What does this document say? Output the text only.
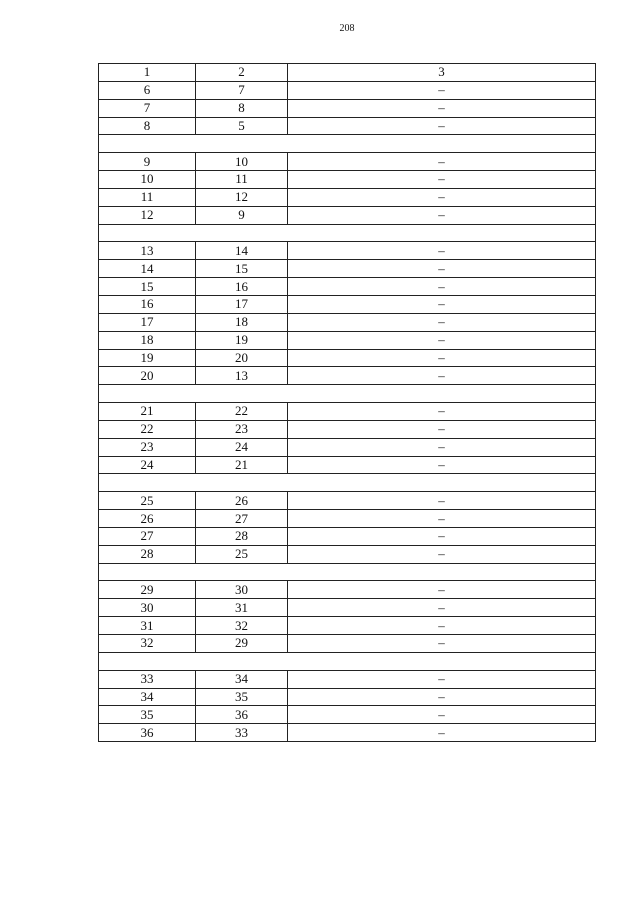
208
1	2	3
6	7	–
7	8	–
8	5	–

9	10	–
10	11	–
11	12	–
12	9	–

13	14	–
14	15	–
15	16	–
16	17	–
17	18	–
18	19	–
19	20	–
20	13	–

21	22	–
22	23	–
23	24	–
24	21	–

25	26	–
26	27	–
27	28	–
28	25	–

29	30	–
30	31	–
31	32	–
32	29	–

33	34	–
34	35	–
35	36	–
36	33	–
